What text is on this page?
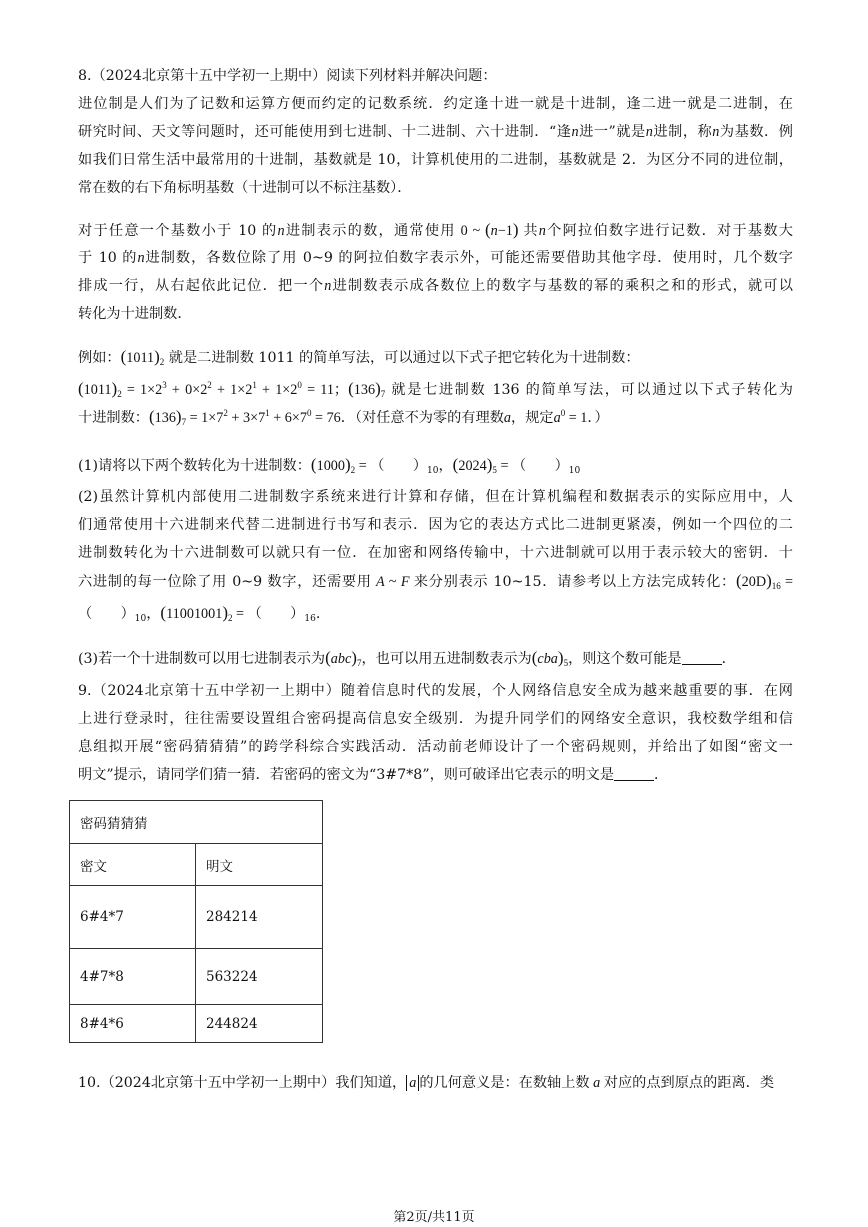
8.（2024北京第十五中学初一上期中）阅读下列材料并解决问题：
进位制是人们为了记数和运算方便而约定的记数系统．约定逢十进一就是十进制，逢二进一就是二进制，在
研究时间、天文等问题时，还可能使用到七进制、十二进制、六十进制．“逢n进一”就是n进制，称n为基数．例
如我们日常生活中最常用的十进制，基数就是 10，计算机使用的二进制，基数就是 2．为区分不同的进位制，
常在数的右下角标明基数（十进制可以不标注基数）．
对于任意一个基数小于 10 的n进制表示的数，通常使用 0 ~ (n−1) 共n个阿拉伯数字进行记数．对于基数大
于 10 的n进制数，各数位除了用 0~9 的阿拉伯数字表示外，可能还需要借助其他字母．使用时，几个数字
排成一行，从右起依此记位．把一个n进制数表示成各数位上的数字与基数的幂的乘积之和的形式，就可以
转化为十进制数．
例如：$(1011)_2$ 就是二进制数 1011 的简单写法，可以通过以下式子把它转化为十进制数：
$(1011)_2 = 1\times 2^3 + 0\times 2^2 + 1\times 2^1 + 1\times 2^0 = 11$；$(136)_7$ 就是七进制数 136 的简单写法，可以通过以下式子转化为
十进制数：$(136)_7 = 1\times 7^2 + 3\times 7^1 + 6\times 7^0 = 76$．（对任意不为零的有理数a，规定$a^0 = 1$．）
(1)请将以下两个数转化为十进制数：$(1000)_2$ = （　　）$_{10}$，$(2024)_5$ = （　　）$_{10}$
(2)虽然计算机内部使用二进制数字系统来进行计算和存储，但在计算机编程和数据表示的实际应用中，人
们通常使用十六进制来代替二进制进行书写和表示．因为它的表达方式比二进制更紧凑，例如一个四位的二
进制数转化为十六进制数可以就只有一位．在加密和网络传输中，十六进制就可以用于表示较大的密钥．十
六进制的每一位除了用 0~9 数字，还需要用 A ~ F 来分别表示 10~15．请参考以上方法完成转化：$(20D)_{16}$ =
（　　）$_{10}$，$(11001001)_2$ = （　　）$_{16}$.
(3)若一个十进制数可以用七进制表示为$(abc)_7$，也可以用五进制数表示为$(cba)_5$，则这个数可能是	．
9.（2024北京第十五中学初一上期中）随着信息时代的发展，个人网络信息安全成为越来越重要的事．在网
上进行登录时，往往需要设置组合密码提高信息安全级别．为提升同学们的网络安全意识，我校数学组和信
息组拟开展“密码猜猜猜”的跨学科综合实践活动．活动前老师设计了一个密码规则，并给出了如图“密文一
明文”提示，请同学们猜一猜．若密码的密文为“3#7*8”，则可破译出它表示的明文是	．
密码猜猜猜	
密文	明文
6#4*7	284214
4#7*8	563224
8#4*6	244824
10.（2024北京第十五中学初一上期中）我们知道， a 的几何意义是：在数轴上数 a 对应的点到原点的距离．类
第2页/共11页
